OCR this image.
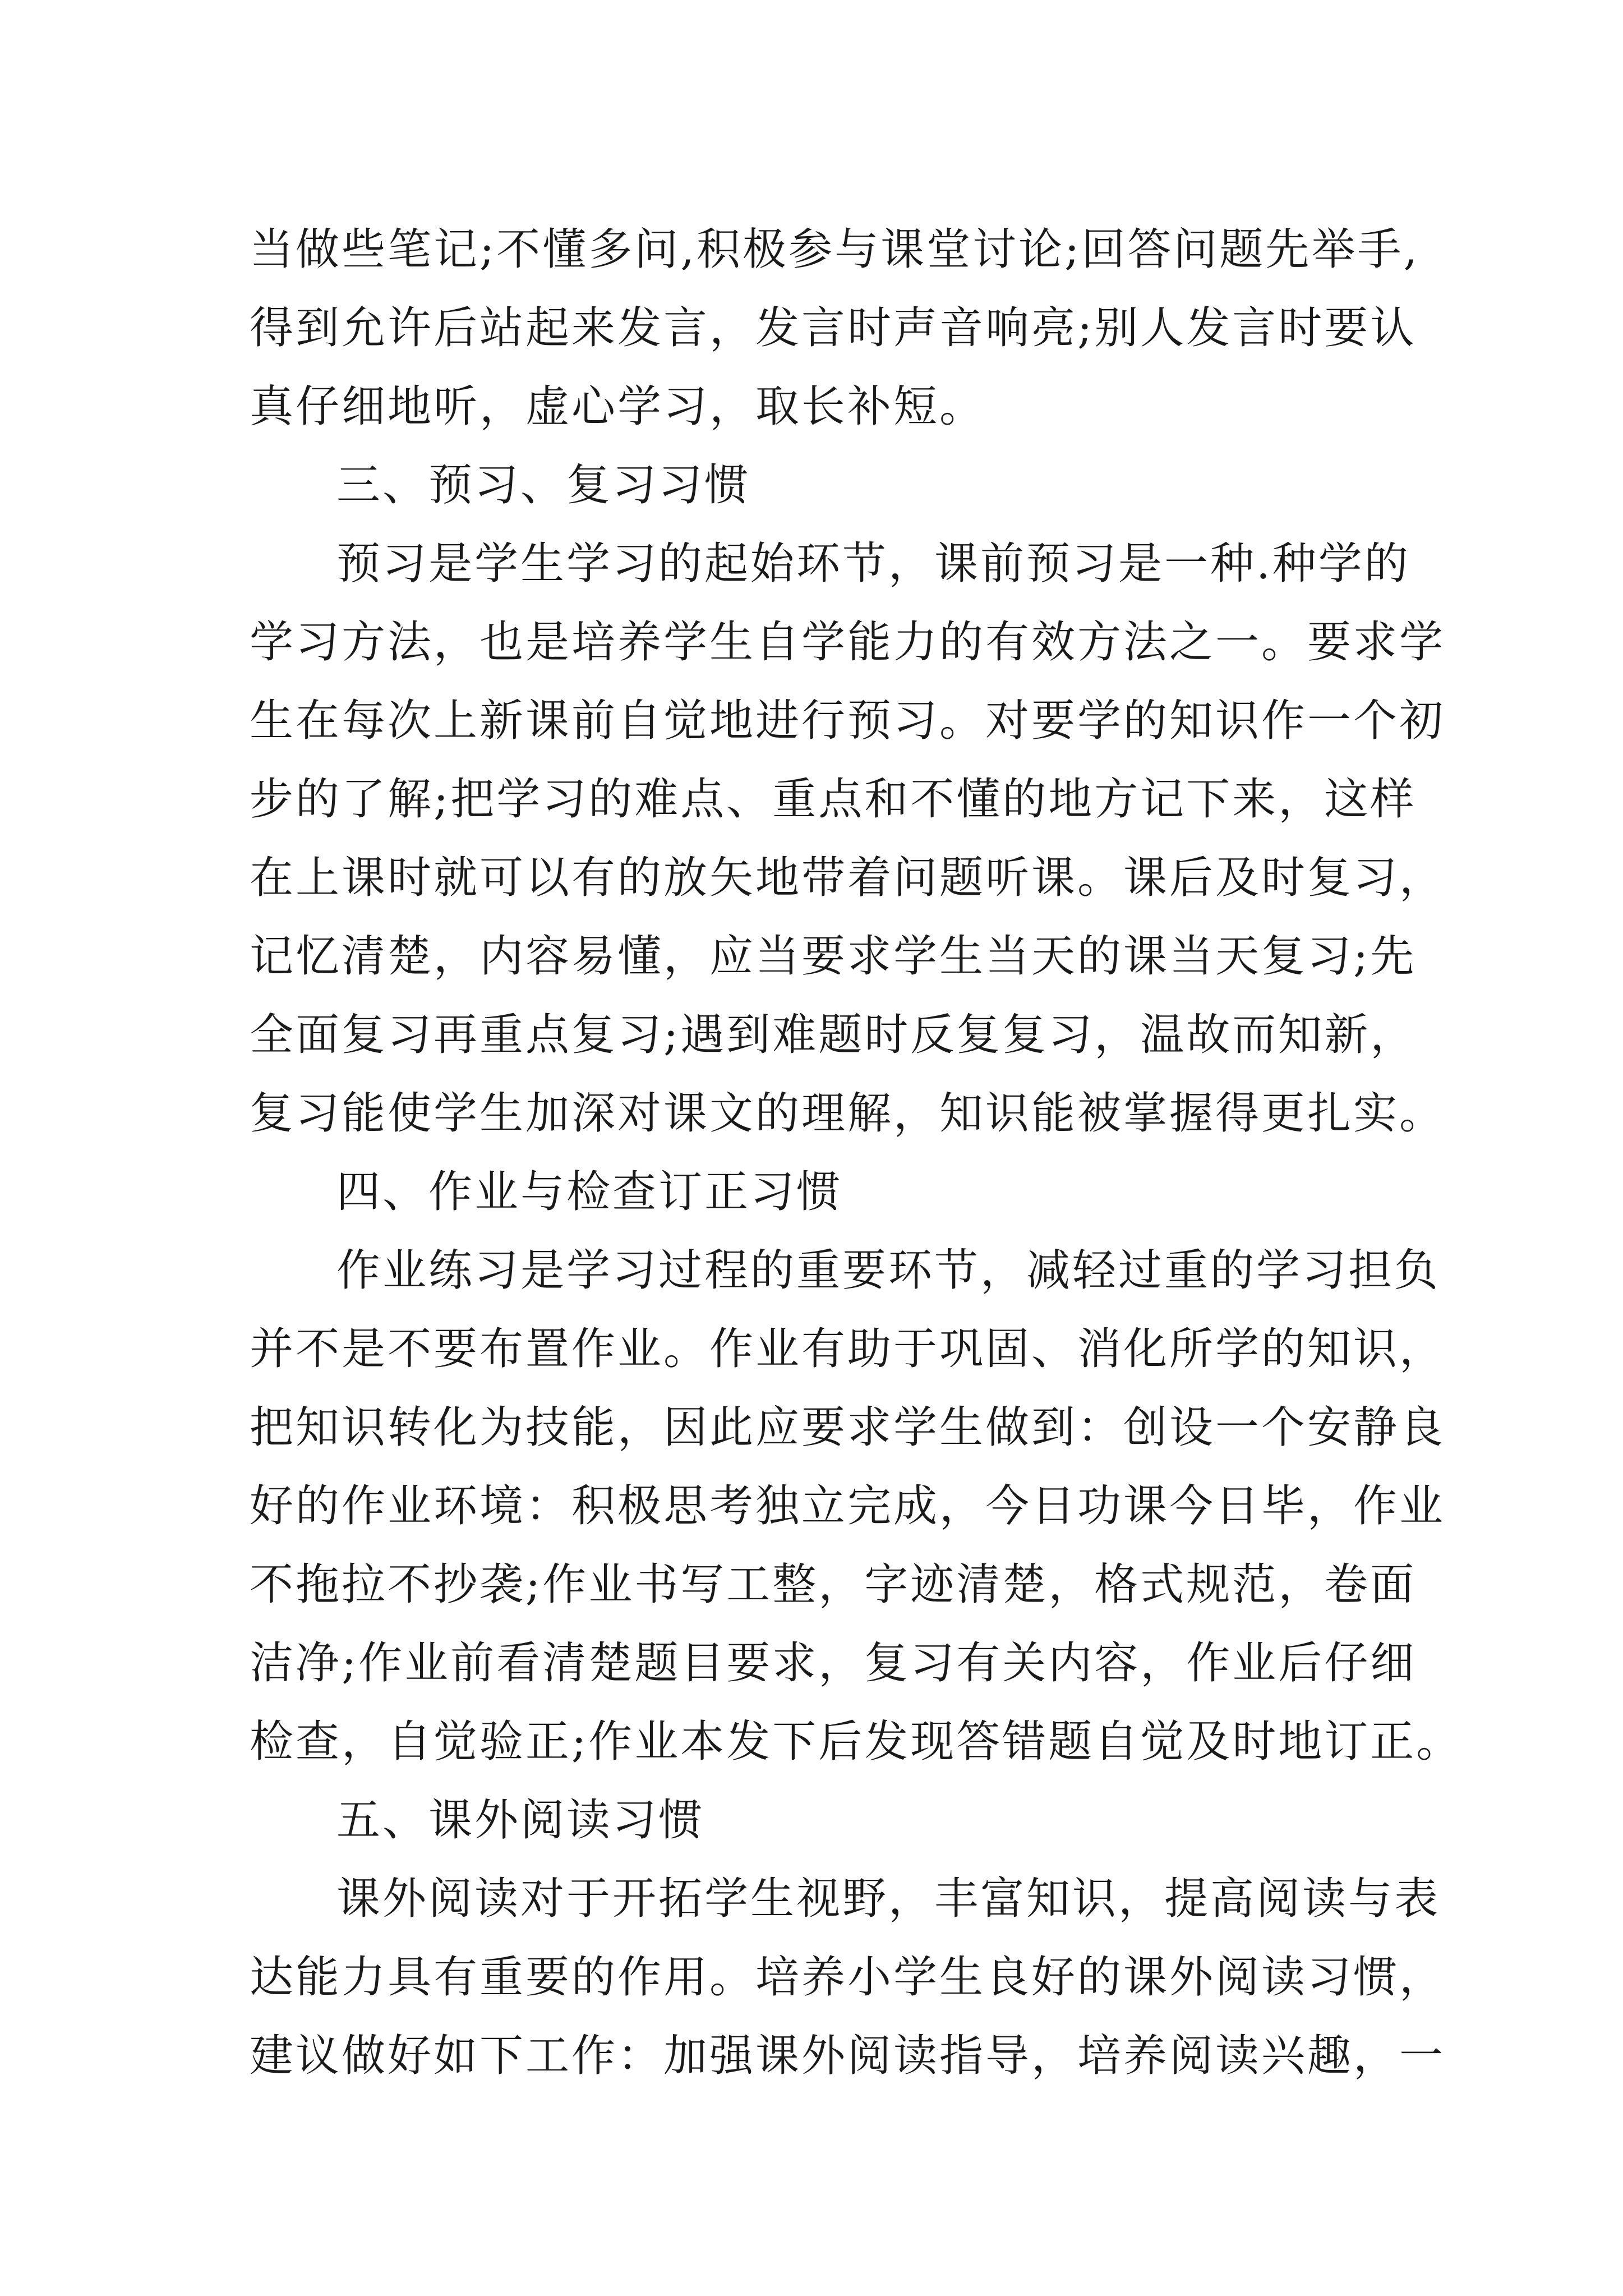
当做些笔记;不懂多问,积极参与课堂讨论;回答问题先举手,
得到允许后站起来发言，发言时声音响亮;别人发言时要认
真仔细地听，虚心学习，取长补短。
三、预习、复习习惯
预习是学生学习的起始环节，课前预习是一种.种学的
学习方法，也是培养学生自学能力的有效方法之一。要求学
生在每次上新课前自觉地进行预习。对要学的知识作一个初
步的了解;把学习的难点、重点和不懂的地方记下来，这样
在上课时就可以有的放矢地带着问题听课。课后及时复习，
记忆清楚，内容易懂，应当要求学生当天的课当天复习;先
全面复习再重点复习;遇到难题时反复复习，温故而知新，
复习能使学生加深对课文的理解，知识能被掌握得更扎实。
四、作业与检查订正习惯
作业练习是学习过程的重要环节，减轻过重的学习担负
并不是不要布置作业。作业有助于巩固、消化所学的知识，
把知识转化为技能，因此应要求学生做到：创设一个安静良
好的作业环境：积极思考独立完成，今日功课今日毕，作业
不拖拉不抄袭;作业书写工整，字迹清楚，格式规范，卷面
洁净;作业前看清楚题目要求，复习有关内容，作业后仔细
检查，自觉验正;作业本发下后发现答错题自觉及时地订正。
五、课外阅读习惯
课外阅读对于开拓学生视野，丰富知识，提高阅读与表
达能力具有重要的作用。培养小学生良好的课外阅读习惯，
建议做好如下工作：加强课外阅读指导，培养阅读兴趣，一
